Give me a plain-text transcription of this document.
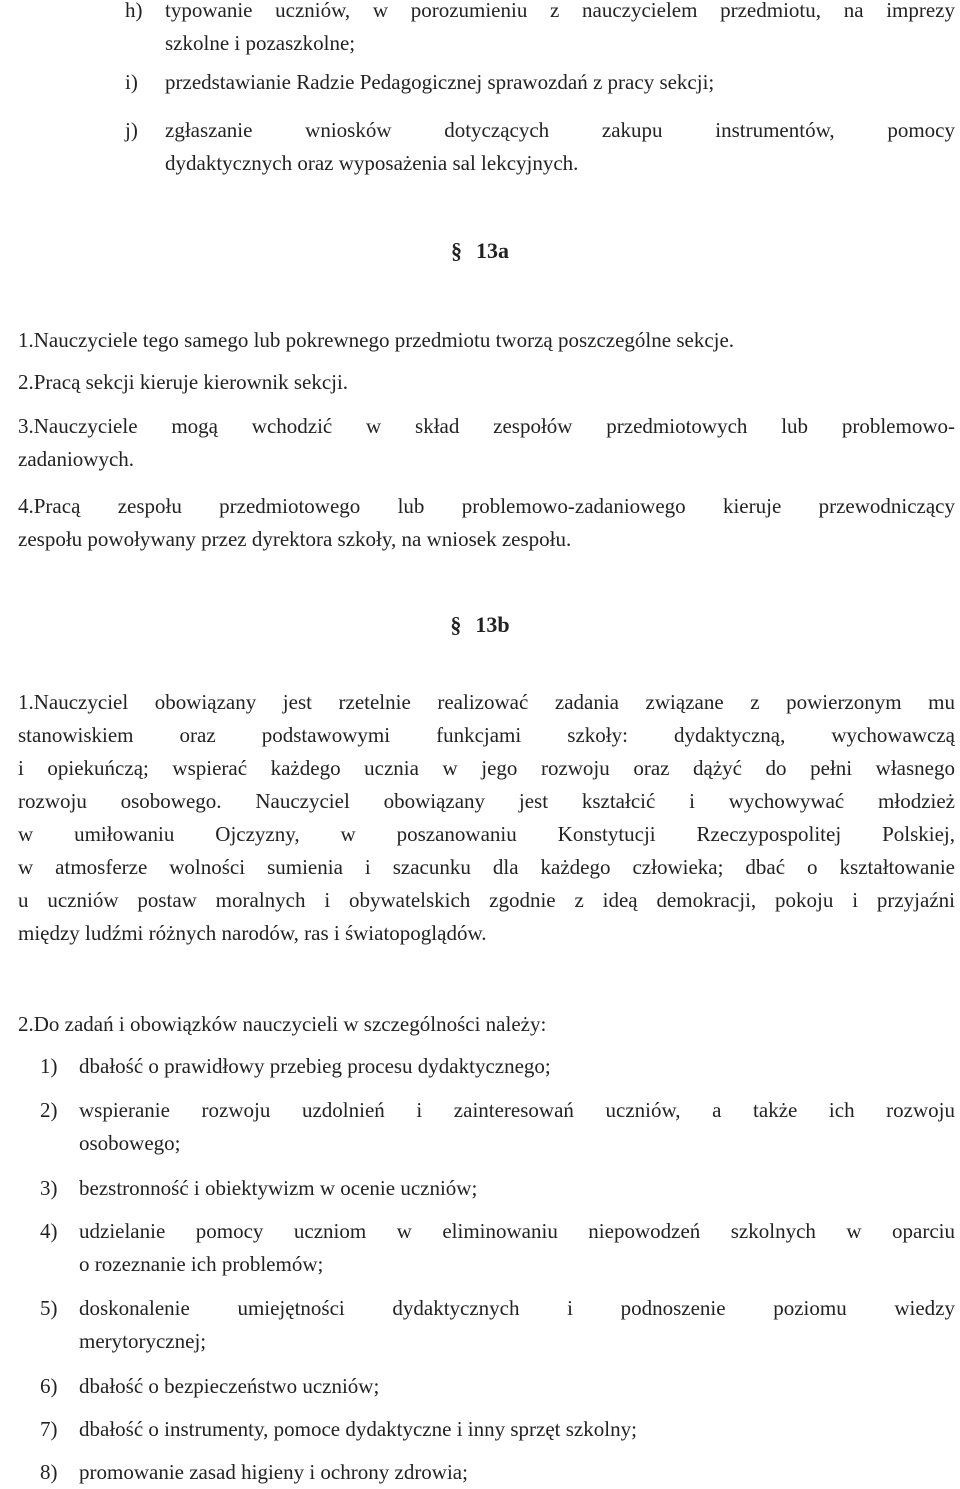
h) typowanie uczniów, w porozumieniu z nauczycielem przedmiotu, na imprezy
szkolne i pozaszkolne;
i) przedstawianie Radzie Pedagogicznej sprawozdań z pracy sekcji;
j) zgłaszanie wniosków dotyczących zakupu instrumentów, pomocy
dydaktycznych oraz wyposażenia sal lekcyjnych.
§ 13a
1.Nauczyciele tego samego lub pokrewnego przedmiotu tworzą poszczególne sekcje.
2.Pracą sekcji kieruje kierownik sekcji.
3.Nauczyciele mogą wchodzić w skład zespołów przedmiotowych lub problemowo-
zadaniowych.
4.Pracą zespołu przedmiotowego lub problemowo-zadaniowego kieruje przewodniczący
zespołu powoływany przez dyrektora szkoły, na wniosek zespołu.
§ 13b
1.Nauczyciel obowiązany jest rzetelnie realizować zadania związane z powierzonym mu
stanowiskiem oraz podstawowymi funkcjami szkoły: dydaktyczną, wychowawczą
i opiekuńczą; wspierać każdego ucznia w jego rozwoju oraz dążyć do pełni własnego
rozwoju osobowego. Nauczyciel obowiązany jest kształcić i wychowywać młodzież
w umiłowaniu Ojczyzny, w poszanowaniu Konstytucji Rzeczypospolitej Polskiej,
w atmosferze wolności sumienia i szacunku dla każdego człowieka; dbać o kształtowanie
u uczniów postaw moralnych i obywatelskich zgodnie z ideą demokracji, pokoju i przyjaźni
między ludźmi różnych narodów, ras i światopoglądów.
2.Do zadań i obowiązków nauczycieli w szczególności należy:
1) dbałość o prawidłowy przebieg procesu dydaktycznego;
2) wspieranie rozwoju uzdolnień i zainteresowań uczniów, a także ich rozwoju
osobowego;
3) bezstronność i obiektywizm w ocenie uczniów;
4) udzielanie pomocy uczniom w eliminowaniu niepowodzeń szkolnych w oparciu
o rozeznanie ich problemów;
5) doskonalenie umiejętności dydaktycznych i podnoszenie poziomu wiedzy
merytorycznej;
6) dbałość o bezpieczeństwo uczniów;
7) dbałość o instrumenty, pomoce dydaktyczne i inny sprzęt szkolny;
8) promowanie zasad higieny i ochrony zdrowia;
